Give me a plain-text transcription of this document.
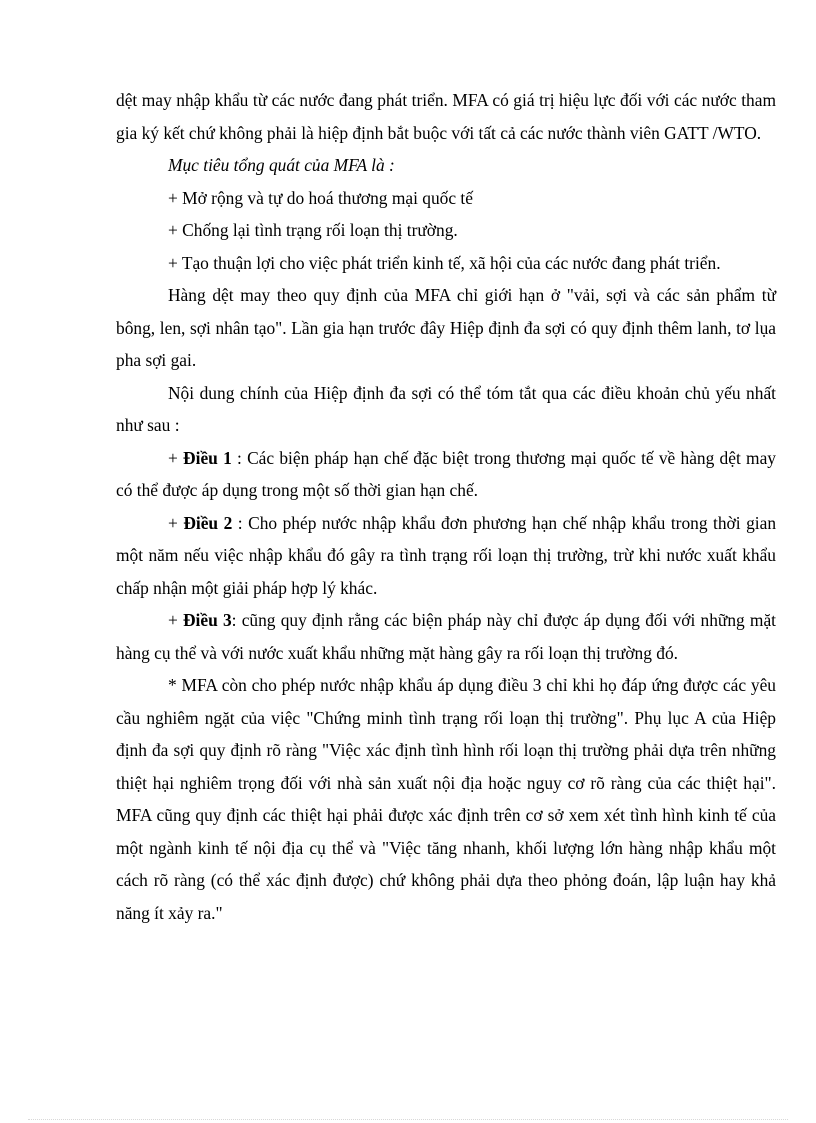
dệt may nhập khẩu từ các nước đang phát triển. MFA có giá trị hiệu lực đối với các nước tham gia ký kết chứ không phải là hiệp định bắt buộc với tất cả các nước thành viên GATT /WTO.

Mục tiêu tổng quát của MFA là :

+ Mở rộng và tự do hoá thương mại quốc tế

+ Chống lại tình trạng rối loạn thị trường.

+ Tạo thuận lợi cho việc phát triển kinh tế, xã hội của các nước đang phát triển.

Hàng dệt may theo quy định của MFA chỉ giới hạn ở "vải, sợi và các sản phẩm từ bông, len, sợi nhân tạo". Lần gia hạn trước đây Hiệp định đa sợi có quy định thêm lanh, tơ lụa pha sợi gai.

Nội dung chính của Hiệp định đa sợi có thể tóm tắt qua các điều khoản chủ yếu nhất như sau :

+ Điều 1 : Các biện pháp hạn chế đặc biệt trong thương mại quốc tế về hàng dệt may có thể được áp dụng trong một số thời gian hạn chế.

+ Điều 2 : Cho phép nước nhập khẩu đơn phương hạn chế nhập khẩu trong thời gian một năm nếu việc nhập khẩu đó gây ra tình trạng rối loạn thị trường, trừ khi nước xuất khẩu chấp nhận một giải pháp hợp lý khác.

+ Điều 3: cũng quy định rằng các biện pháp này chỉ được áp dụng đối với những mặt hàng cụ thể và với nước xuất khẩu những mặt hàng gây ra rối loạn thị trường đó.

* MFA còn cho phép nước nhập khẩu áp dụng điều 3 chỉ khi họ đáp ứng được các yêu cầu nghiêm ngặt của việc "Chứng minh tình trạng rối loạn thị trường". Phụ lục A của Hiệp định đa sợi quy định rõ ràng "Việc xác định tình hình rối loạn thị trường phải dựa trên những thiệt hại nghiêm trọng đối với nhà sản xuất nội địa hoặc nguy cơ rõ ràng của các thiệt hại". MFA cũng quy định các thiệt hại phải được xác định trên cơ sở xem xét tình hình kinh tế của một ngành kinh tế nội địa cụ thể và "Việc tăng nhanh, khối lượng lớn hàng nhập khẩu một cách rõ ràng (có thể xác định được) chứ không phải dựa theo phỏng đoán, lập luận hay khả năng ít xảy ra."
